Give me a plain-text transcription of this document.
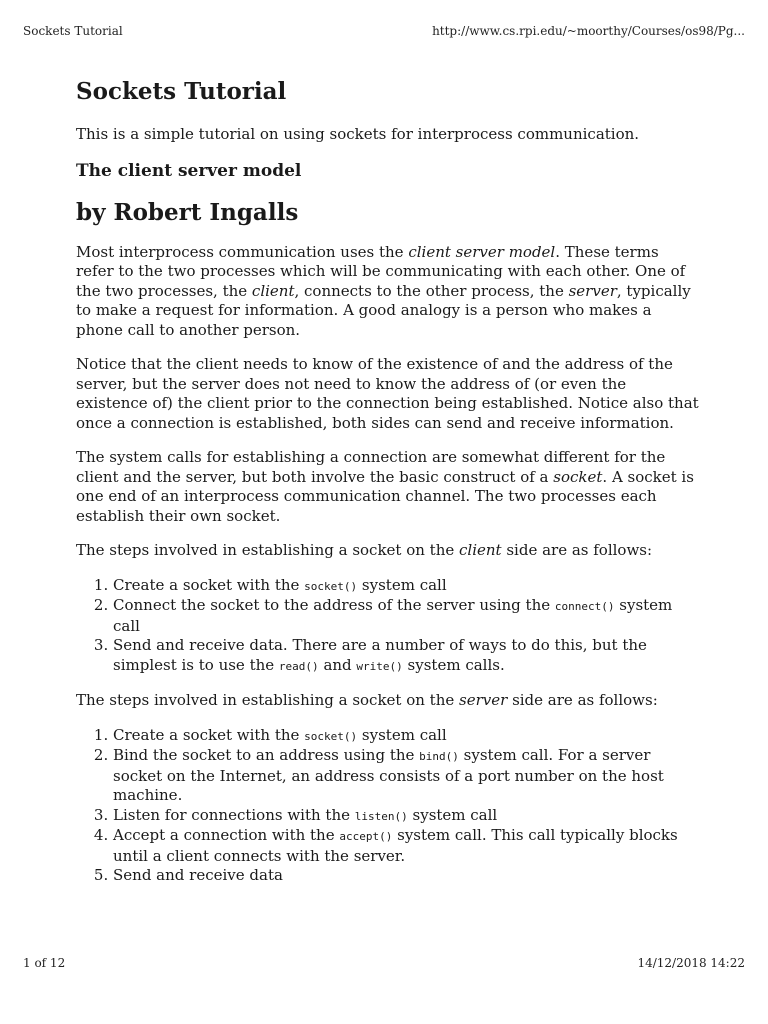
Sockets Tutorial	http://www.cs.rpi.edu/~moorthy/Courses/os98/Pg...
Sockets Tutorial

This is a simple tutorial on using sockets for interprocess communication.

The client server model
by Robert Ingalls

Most interprocess communication uses the client server model. These terms refer to the two processes which will be communicating with each other. One of the two processes, the client, connects to the other process, the server, typically to make a request for information. A good analogy is a person who makes a phone call to another person.

Notice that the client needs to know of the existence of and the address of the server, but the server does not need to know the address of (or even the existence of) the client prior to the connection being established. Notice also that once a connection is established, both sides can send and receive information.

The system calls for establishing a connection are somewhat different for the client and the server, but both involve the basic construct of a socket. A socket is one end of an interprocess communication channel. The two processes each establish their own socket.

The steps involved in establishing a socket on the client side are as follows:

1. Create a socket with the socket() system call
2. Connect the socket to the address of the server using the connect() system call
3. Send and receive data. There are a number of ways to do this, but the simplest is to use the read() and write() system calls.

The steps involved in establishing a socket on the server side are as follows:

1. Create a socket with the socket() system call
2. Bind the socket to an address using the bind() system call. For a server socket on the Internet, an address consists of a port number on the host machine.
3. Listen for connections with the listen() system call
4. Accept a connection with the accept() system call. This call typically blocks until a client connects with the server.
5. Send and receive data
1 of 12	14/12/2018 14:22
